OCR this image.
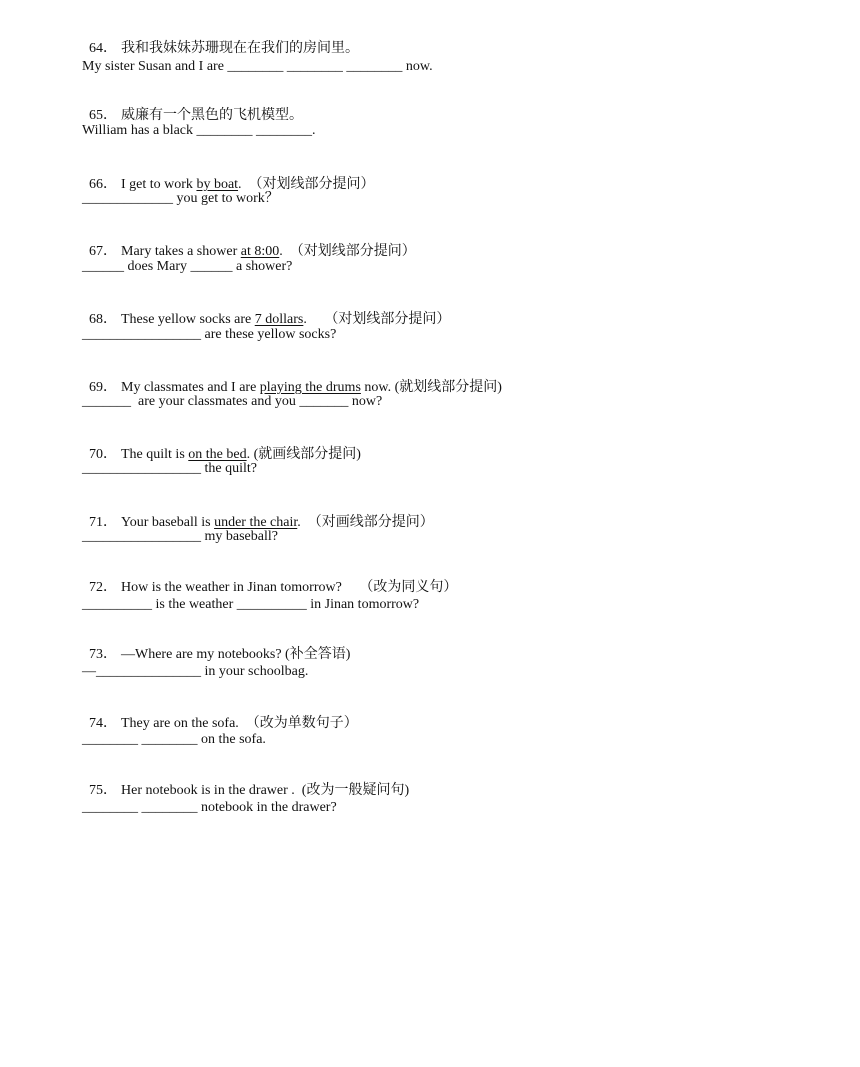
64． 我和我妹妹苏珊现在在我们的房间里。

My sister Susan and I are ________ ________ ________ now.

65． 威廉有一个黑色的飞机模型。

William has a black ________ ________.

66． I get to work by boat.  （对划线部分提问）

_____________ you get to work？

67． Mary takes a shower at 8:00.  （对划线部分提问）

______ does Mary ______ a shower?

68． These yellow socks are 7 dollars.     （对划线部分提问）

_________________ are these yellow socks?

69． My classmates and I are playing the drums now. (就划线部分提问)

_______  are your classmates and you _______ now?

70． The quilt is on the bed. (就画线部分提问)

_________________ the quilt?

71． Your baseball is under the chair.  （对画线部分提问）

_________________ my baseball?

72． How is the weather in Jinan tomorrow?     （改为同义句）

__________ is the weather __________ in Jinan tomorrow?

73． —Where are my notebooks? (补全答语)

—_______________ in your schoolbag.

74． They are on the sofa.  （改为单数句子）

________ ________ on the sofa.

75． Her notebook is in the drawer .  (改为一般疑问句)

________ ________ notebook in the drawer?
